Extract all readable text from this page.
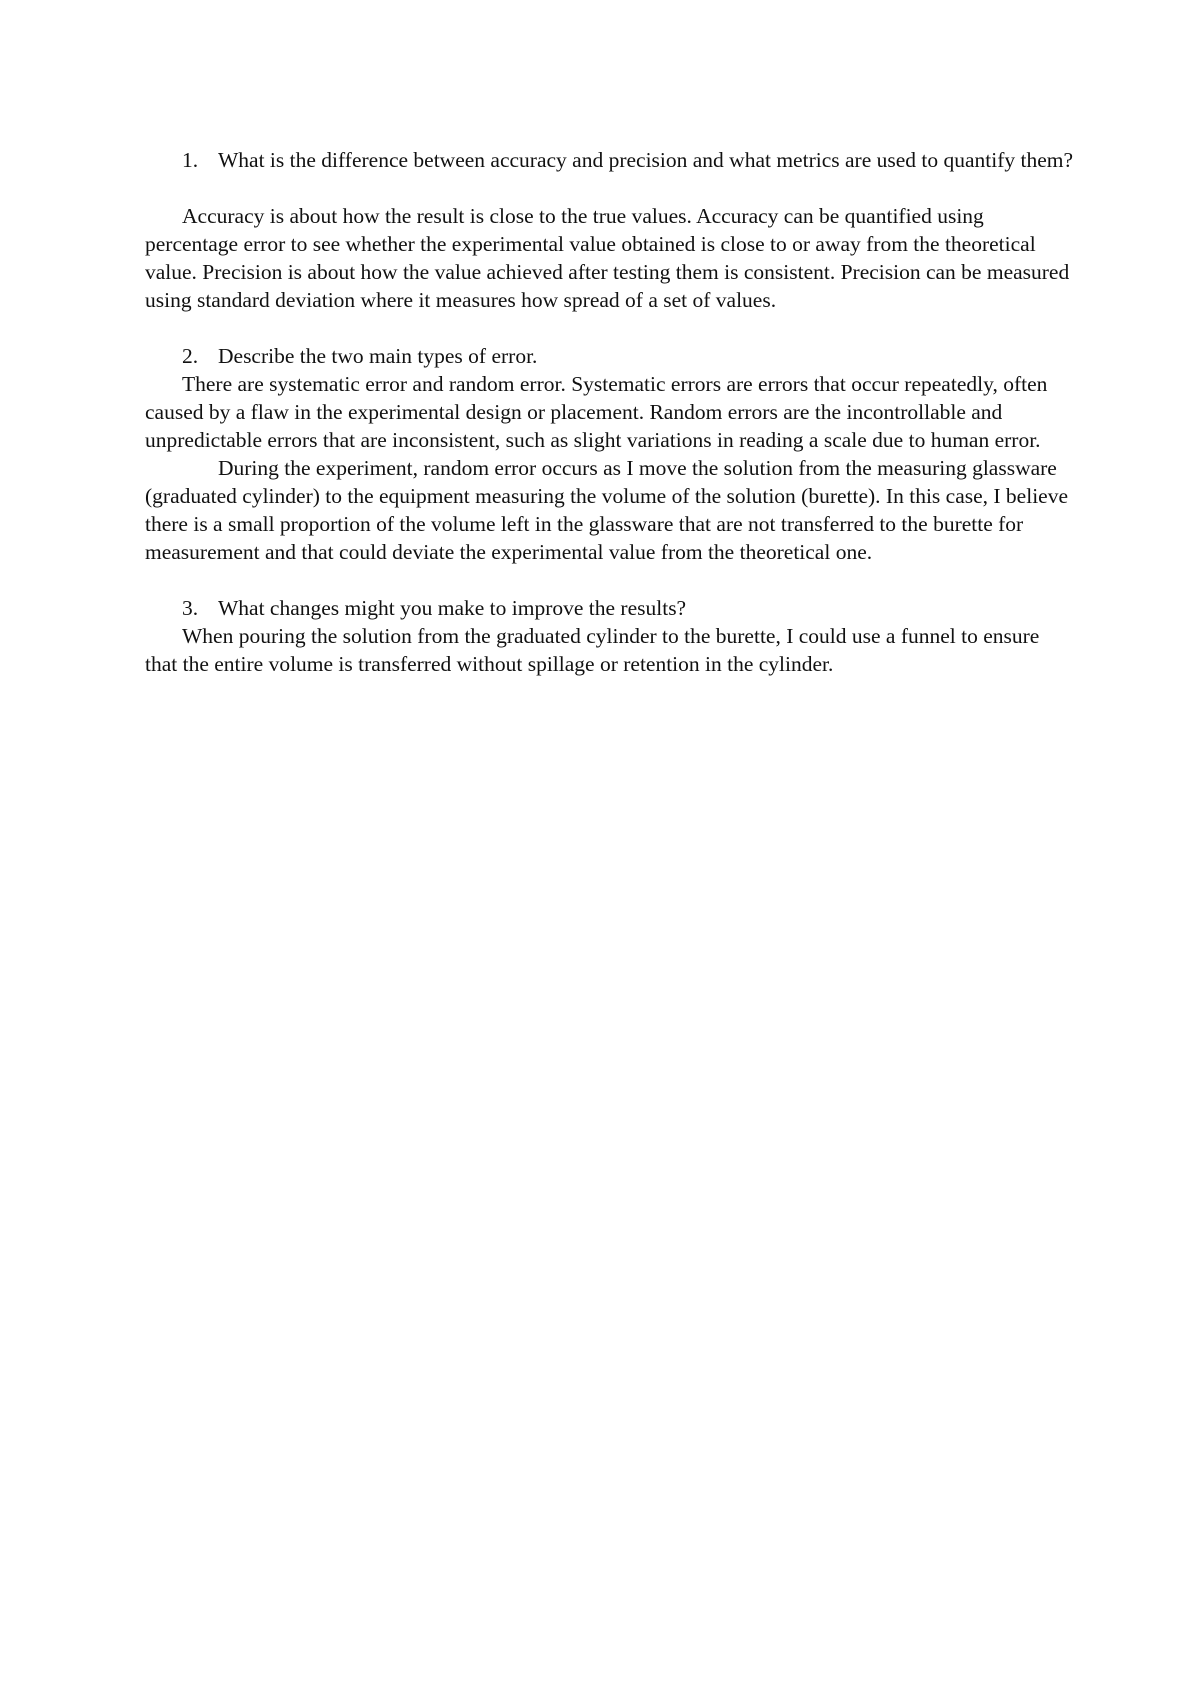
1. What is the difference between accuracy and precision and what metrics are used to quantify them?

Accuracy is about how the result is close to the true values. Accuracy can be quantified using percentage error to see whether the experimental value obtained is close to or away from the theoretical value. Precision is about how the value achieved after testing them is consistent. Precision can be measured using standard deviation where it measures how spread of a set of values.

2. Describe the two main types of error.

There are systematic error and random error. Systematic errors are errors that occur repeatedly, often caused by a flaw in the experimental design or placement. Random errors are the incontrollable and unpredictable errors that are inconsistent, such as slight variations in reading a scale due to human error.

During the experiment, random error occurs as I move the solution from the measuring glassware (graduated cylinder) to the equipment measuring the volume of the solution (burette). In this case, I believe there is a small proportion of the volume left in the glassware that are not transferred to the burette for measurement and that could deviate the experimental value from the theoretical one.

3. What changes might you make to improve the results?

When pouring the solution from the graduated cylinder to the burette, I could use a funnel to ensure that the entire volume is transferred without spillage or retention in the cylinder.
